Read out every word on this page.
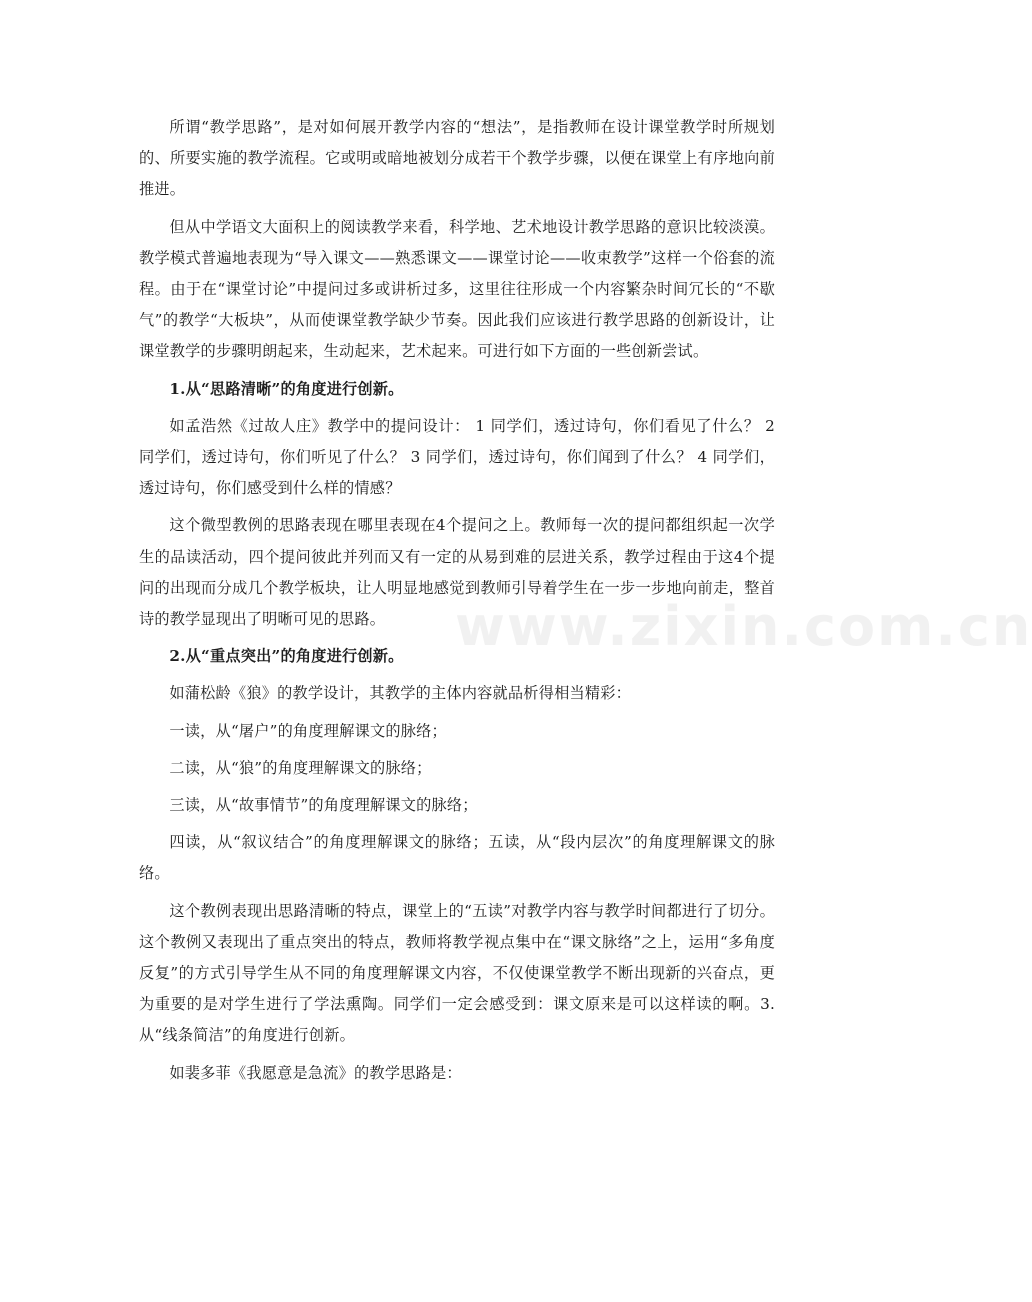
所谓“教学思路”，是对如何展开教学内容的“想法”，是指教师在设计课堂教学时所规划的、所要实施的教学流程。它或明或暗地被划分成若干个教学步骤，以便在课堂上有序地向前推进。

但从中学语文大面积上的阅读教学来看，科学地、艺术地设计教学思路的意识比较淡漠。教学模式普遍地表现为“导入课文——熟悉课文——课堂讨论——收束教学”这样一个俗套的流程。由于在“课堂讨论”中提问过多或讲析过多，这里往往形成一个内容繁杂时间冗长的“不歇气”的教学“大板块”，从而使课堂教学缺少节奏。因此我们应该进行教学思路的创新设计，让课堂教学的步骤明朗起来，生动起来，艺术起来。可进行如下方面的一些创新尝试。

1.从“思路清晰”的角度进行创新。

如孟浩然《过故人庄》教学中的提问设计： 1 同学们，透过诗句，你们看见了什么？ 2 同学们，透过诗句，你们听见了什么？ 3 同学们，透过诗句，你们闻到了什么？ 4 同学们，透过诗句，你们感受到什么样的情感？

这个微型教例的思路表现在哪里表现在4个提问之上。教师每一次的提问都组织起一次学生的品读活动，四个提问彼此并列而又有一定的从易到难的层进关系，教学过程由于这4个提问的出现而分成几个教学板块，让人明显地感觉到教师引导着学生在一步一步地向前走，整首诗的教学显现出了明晰可见的思路。

2.从“重点突出”的角度进行创新。

如蒲松龄《狼》的教学设计，其教学的主体内容就品析得相当精彩：

一读，从“屠户”的角度理解课文的脉络；

二读，从“狼”的角度理解课文的脉络；

三读，从“故事情节”的角度理解课文的脉络；

四读，从“叙议结合”的角度理解课文的脉络；五读，从“段内层次”的角度理解课文的脉络。

这个教例表现出思路清晰的特点，课堂上的“五读”对教学内容与教学时间都进行了切分。这个教例又表现出了重点突出的特点，教师将教学视点集中在“课文脉络”之上，运用“多角度反复”的方式引导学生从不同的角度理解课文内容，不仅使课堂教学不断出现新的兴奋点，更为重要的是对学生进行了学法熏陶。同学们一定会感受到：课文原来是可以这样读的啊。3.从“线条简洁”的角度进行创新。

如裴多菲《我愿意是急流》的教学思路是：

www.zixin.com.cn
